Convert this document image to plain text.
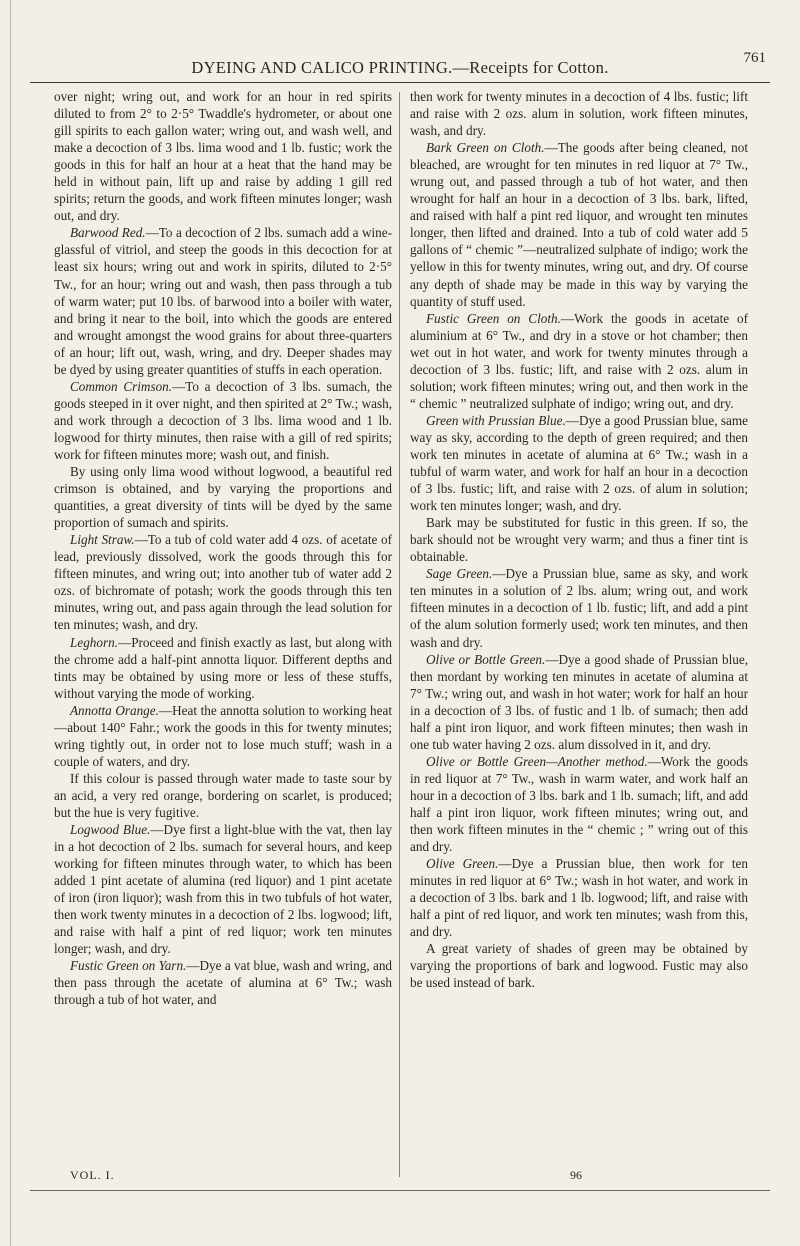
DYEING AND CALICO PRINTING.—Receipts for Cotton.	761

over night; wring out, and work for an hour in red spirits diluted to from 2° to 2·5° Twaddle's hydrometer, or about one gill spirits to each gallon water; wring out, and wash well, and make a decoction of 3 lbs. lima wood and 1 lb. fustic; work the goods in this for half an hour at a heat that the hand may be held in without pain, lift up and raise by adding 1 gill red spirits; return the goods, and work fifteen minutes longer; wash out, and dry.

Barwood Red.—To a decoction of 2 lbs. sumach add a wine-glassful of vitriol, and steep the goods in this decoction for at least six hours; wring out and work in spirits, diluted to 2·5° Tw., for an hour; wring out and wash, then pass through a tub of warm water; put 10 lbs. of barwood into a boiler with water, and bring it near to the boil, into which the goods are entered and wrought amongst the wood grains for about three-quarters of an hour; lift out, wash, wring, and dry. Deeper shades may be dyed by using greater quantities of stuffs in each operation.

Common Crimson.—To a decoction of 3 lbs. sumach, the goods steeped in it over night, and then spirited at 2° Tw.; wash, and work through a decoction of 3 lbs. lima wood and 1 lb. logwood for thirty minutes, then raise with a gill of red spirits; work for fifteen minutes more; wash out, and finish.

By using only lima wood without logwood, a beautiful red crimson is obtained, and by varying the proportions and quantities, a great diversity of tints will be dyed by the same proportion of sumach and spirits.

Light Straw.—To a tub of cold water add 4 ozs. of acetate of lead, previously dissolved, work the goods through this for fifteen minutes, and wring out; into another tub of water add 2 ozs. of bichromate of potash; work the goods through this ten minutes, wring out, and pass again through the lead solution for ten minutes; wash, and dry.

Leghorn.—Proceed and finish exactly as last, but along with the chrome add a half-pint annotta liquor. Different depths and tints may be obtained by using more or less of these stuffs, without varying the mode of working.

Annotta Orange.—Heat the annotta solution to working heat—about 140° Fahr.; work the goods in this for twenty minutes; wring tightly out, in order not to lose much stuff; wash in a couple of waters, and dry.

If this colour is passed through water made to taste sour by an acid, a very red orange, bordering on scarlet, is produced; but the hue is very fugitive.

Logwood Blue.—Dye first a light-blue with the vat, then lay in a hot decoction of 2 lbs. sumach for several hours, and keep working for fifteen minutes through water, to which has been added 1 pint acetate of alumina (red liquor) and 1 pint acetate of iron (iron liquor); wash from this in two tubfuls of hot water, then work twenty minutes in a decoction of 2 lbs. logwood; lift, and raise with half a pint of red liquor; work ten minutes longer; wash, and dry.

Fustic Green on Yarn.—Dye a vat blue, wash and wring, and then pass through the acetate of alumina at 6° Tw.; wash through a tub of hot water, and

then work for twenty minutes in a decoction of 4 lbs. fustic; lift and raise with 2 ozs. alum in solution, work fifteen minutes, wash, and dry.

Bark Green on Cloth.—The goods after being cleaned, not bleached, are wrought for ten minutes in red liquor at 7° Tw., wrung out, and passed through a tub of hot water, and then wrought for half an hour in a decoction of 3 lbs. bark, lifted, and raised with half a pint red liquor, and wrought ten minutes longer, then lifted and drained. Into a tub of cold water add 5 gallons of “ chemic ”—neutralized sulphate of indigo; work the yellow in this for twenty minutes, wring out, and dry. Of course any depth of shade may be made in this way by varying the quantity of stuff used.

Fustic Green on Cloth.—Work the goods in acetate of aluminium at 6° Tw., and dry in a stove or hot chamber; then wet out in hot water, and work for twenty minutes through a decoction of 3 lbs. fustic; lift, and raise with 2 ozs. alum in solution; work fifteen minutes; wring out, and then work in the “ chemic ” neutralized sulphate of indigo; wring out, and dry.

Green with Prussian Blue.—Dye a good Prussian blue, same way as sky, according to the depth of green required; and then work ten minutes in acetate of alumina at 6° Tw.; wash in a tubful of warm water, and work for half an hour in a decoction of 3 lbs. fustic; lift, and raise with 2 ozs. of alum in solution; work ten minutes longer; wash, and dry.

Bark may be substituted for fustic in this green. If so, the bark should not be wrought very warm; and thus a finer tint is obtainable.

Sage Green.—Dye a Prussian blue, same as sky, and work ten minutes in a solution of 2 lbs. alum; wring out, and work fifteen minutes in a decoction of 1 lb. fustic; lift, and add a pint of the alum solution formerly used; work ten minutes, and then wash and dry.

Olive or Bottle Green.—Dye a good shade of Prussian blue, then mordant by working ten minutes in acetate of alumina at 7° Tw.; wring out, and wash in hot water; work for half an hour in a decoction of 3 lbs. of fustic and 1 lb. of sumach; then add half a pint iron liquor, and work fifteen minutes; then wash in one tub water having 2 ozs. alum dissolved in it, and dry.

Olive or Bottle Green—Another method.—Work the goods in red liquor at 7° Tw., wash in warm water, and work half an hour in a decoction of 3 lbs. bark and 1 lb. sumach; lift, and add half a pint iron liquor, work fifteen minutes; wring out, and then work fifteen minutes in the “ chemic ; ” wring out of this and dry.

Olive Green.—Dye a Prussian blue, then work for ten minutes in red liquor at 6° Tw.; wash in hot water, and work in a decoction of 3 lbs. bark and 1 lb. logwood; lift, and raise with half a pint of red liquor, and work ten minutes; wash from this, and dry.

A great variety of shades of green may be obtained by varying the proportions of bark and logwood. Fustic may also be used instead of bark.

VOL. I.	96
